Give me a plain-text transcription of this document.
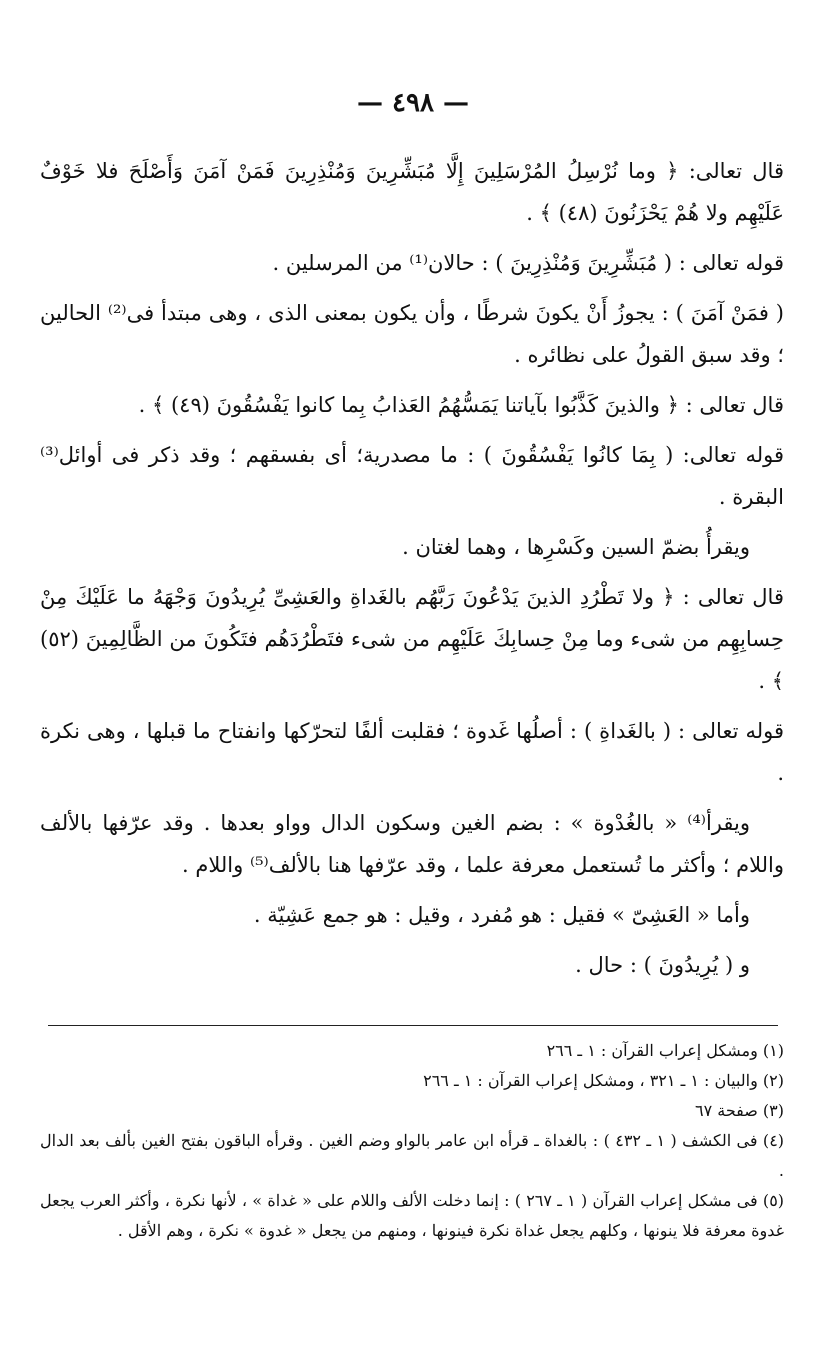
— ٤٩٨ —

قال تعالى: ﴿ وما نُرْسِلُ المُرْسَلِينَ إِلَّا مُبَشِّرِينَ وَمُنْذِرِينَ فَمَنْ آمَنَ وَأَصْلَحَ فلا خَوْفٌ عَلَيْهِم ولا هُمْ يَحْزَنُونَ (٤٨) ﴾ .

قوله تعالى : ( مُبَشِّرِينَ وَمُنْذِرِينَ ) : حالان⁽¹⁾ من المرسلين .

( فمَنْ آمَنَ ) : يجوزُ أَنْ يكونَ شرطًا ، وأن يكون بمعنى الذى ، وهى مبتدأ فى⁽²⁾ الحالين ؛ وقد سبق القولُ على نظائره .

قال تعالى : ﴿ والذينَ كَذَّبُوا بآياتنا يَمَسُّهُمُ العَذابُ بِما كانوا يَفْسُقُونَ (٤٩) ﴾ .

قوله تعالى: ( بِمَا كانُوا يَفْسُقُونَ ) : ما مصدرية؛ أى بفسقهم ؛ وقد ذكر فى أوائل⁽³⁾ البقرة .

ويقرأُ بضمّ السين وكَسْرِها ، وهما لغتان .

قال تعالى : ﴿ ولا تَطْرُدِ الذينَ يَدْعُونَ رَبَّهُم بالغَداةِ والعَشِىِّ يُرِيدُونَ وَجْهَهُ ما عَلَيْكَ مِنْ حِسابِهِم من شىء وما مِنْ حِسابِكَ عَلَيْهِم من شىء فتَطْرُدَهُم فتَكُونَ من الظَّالِمِينَ (٥٢) ﴾ .

قوله تعالى : ( بالغَداةِ ) : أصلُها غَدوة ؛ فقلبت ألفًا لتحرّكها وانفتاح ما قبلها ، وهى نكرة .

ويقرأ⁽⁴⁾ « بالغُدْوة » : بضم الغين وسكون الدال وواو بعدها . وقد عرّفها بالألف واللام ؛ وأكثر ما تُستعمل معرفة علما ، وقد عرّفها هنا بالألف⁽⁵⁾ واللام .

وأما « العَشِىّ » فقيل : هو مُفرد ، وقيل : هو جمع عَشِيّة .

و ( يُرِيدُونَ ) : حال .

(١) ومشكل إعراب القرآن : ١ ـ ٢٦٦

(٢) والبيان : ١ ـ ٣٢١ ، ومشكل إعراب القرآن : ١ ـ ٢٦٦

(٣) صفحة ٦٧

(٤) فى الكشف ( ١ ـ ٤٣٢ ) : بالغداة ـ قرأه ابن عامر بالواو وضم الغين . وقرأه الباقون بفتح الغين بألف بعد الدال .

(٥) فى مشكل إعراب القرآن ( ١ ـ ٢٦٧ ) : إنما دخلت الألف واللام على « غداة » ، لأنها نكرة ، وأكثر العرب يجعل غدوة معرفة فلا ينونها ، وكلهم يجعل غداة نكرة فينونها ، ومنهم من يجعل « غدوة » نكرة ، وهم الأقل .
